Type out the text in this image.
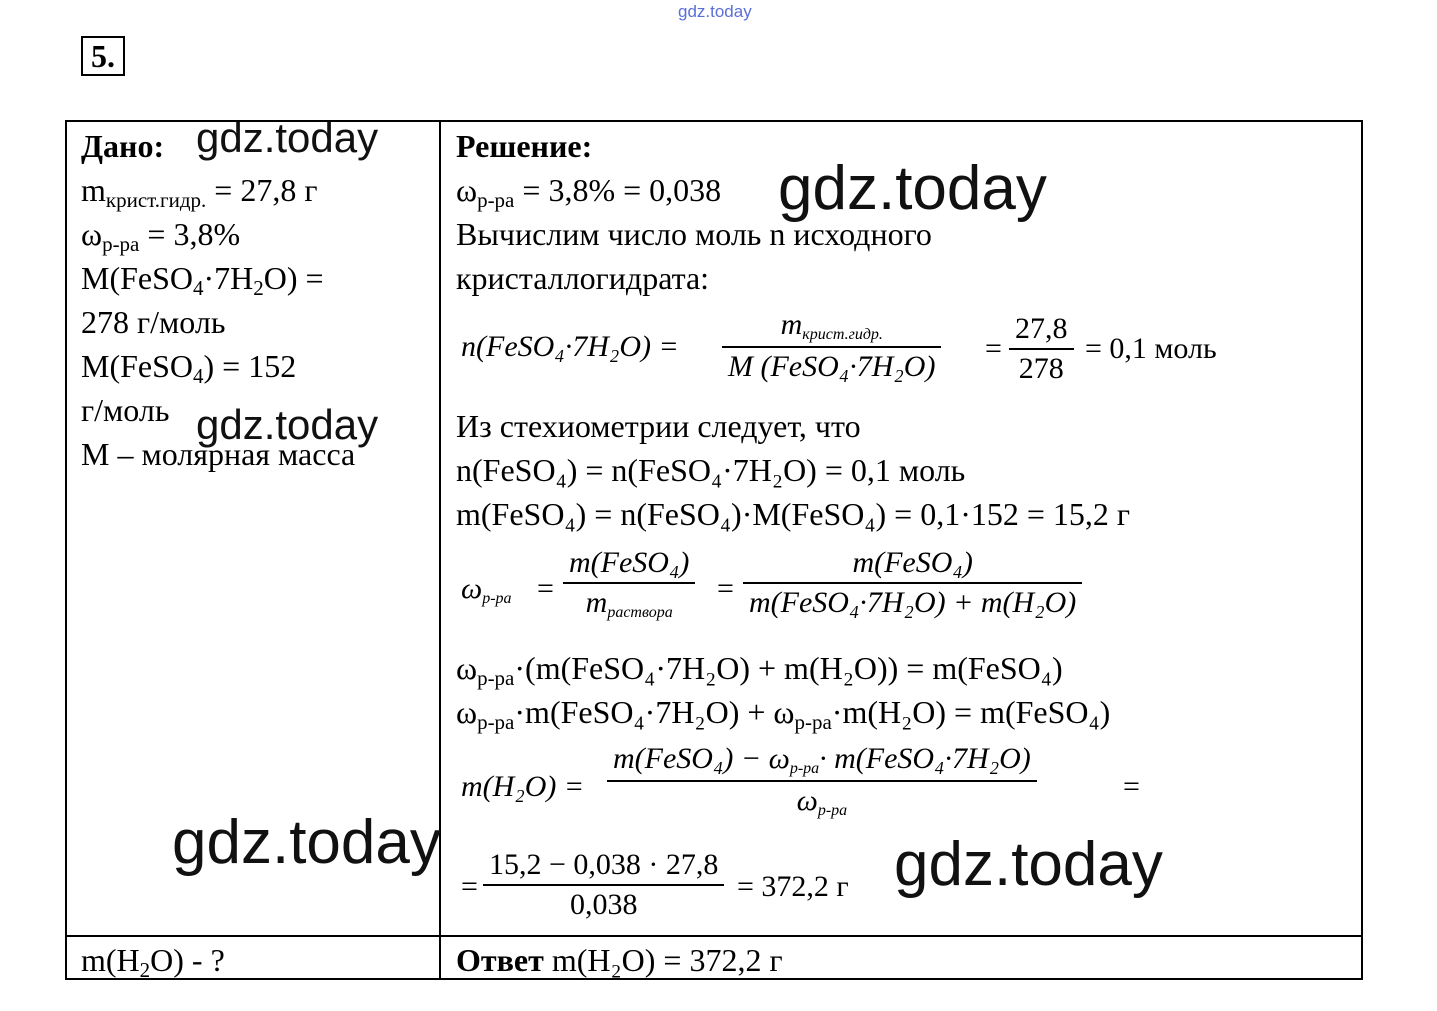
gdz.today
5.
Дано:
$m_{крист.гидр.} = 27,8$ г
$\omega_{р-ра} = 3,8\%$
$M(FeSO_4\cdot 7H_2O)$ =
278 г/моль
M(FeSO$_4$) = 152
г/моль
M – молярная масса
$m(H_2O)$ - ?
Решение:
$\omega_{р-ра} = 3,8\% = 0,038$
Вычислим число моль n исходного
кристаллогидрата:
n(FeSO₄·7H₂O) =
mкрист.гидр.
M (FeSO₄·7H₂O)
=
27,8
278
= 0,1 моль
Из стехиометрии следует, что
n(FeSO₄) = n(FeSO₄·7H₂O) = 0,1 моль
m(FeSO₄) = n(FeSO₄)·M(FeSO₄) = 0,1·152 = 15,2 г
ωр-ра =
m(FeSO₄)
mраствора
=
m(FeSO₄)
m(FeSO₄·7H₂O) + m(H₂O)
$\omega_{р-ра}\cdot(m(FeSO_4\cdot 7H_2O) + m(H_2O))$ = m(FeSO₄)
$\omega_{р-ра}\cdot m(FeSO_4\cdot 7H_2O) + \omega_{р-ра}\cdot m(H_2O)$ = m(FeSO₄)
m(H₂O) =
m(FeSO₄) − ωр-ра· m(FeSO₄·7H₂O)
ωр-ра
=
=
15,2 − 0,038 · 27,8
0,038
= 372,2 г
Ответ m(H₂O) = 372,2 г
gdz.today
gdz.today
gdz.today
gdz.today	gdz.today
